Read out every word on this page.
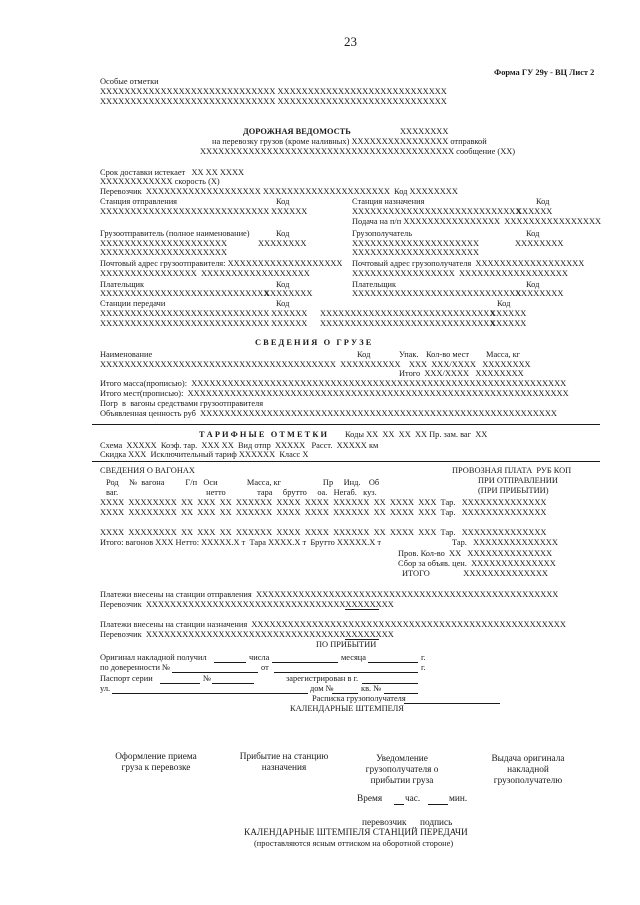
23
Форма ГУ 29у - ВЦ Лист 2
Особые отметки
XXXXXXXXXXXXXXXXXXXXXXXXXXXXX XXXXXXXXXXXXXXXXXXXXXXXXXXXX
XXXXXXXXXXXXXXXXXXXXXXXXXXXXX XXXXXXXXXXXXXXXXXXXXXXXXXXXX
ДОРОЖНАЯ ВЕДОМОСТЬ	XXXXXXXX
на перевозку грузов (кроме наливных) XXXXXXXXXXXXXXXX отправкой
XXXXXXXXXXXXXXXXXXXXXXXXXXXXXXXXXXXXXXXXXX сообщение (XX)
Срок доставки истекает   XX XX XXXX
XXXXXXXXXXXX скорость (X)
Перевозчик  XXXXXXXXXXXXXXXXXXX XXXXXXXXXXXXXXXXXXXXX  Код XXXXXXXX
Станция отправления	Код
XXXXXXXXXXXXXXXXXXXXXXXXXXXX XXXXXX
Станция назначения	Код
XXXXXXXXXXXXXXXXXXXXXXXXXXXX
XXXXXX
Подача на п/п XXXXXXXXXXXXXXXX  XXXXXXXXXXXXXXXX
Грузоотправитель (полное наименование)	Код
XXXXXXXXXXXXXXXXXXXXX	XXXXXXXX
XXXXXXXXXXXXXXXXXXXXX
Почтовый адрес грузоотправителя: XXXXXXXXXXXXXXXXXXX
XXXXXXXXXXXXXXXX  XXXXXXXXXXXXXXXXXX
Грузополучатель	Код
XXXXXXXXXXXXXXXXXXXXX	XXXXXXXX
XXXXXXXXXXXXXXXXXXXXX
Почтовый адрес грузополучателя  XXXXXXXXXXXXXXXXXX
XXXXXXXXXXXXXXXXX  XXXXXXXXXXXXXXXXXX
Плательщик	Код
XXXXXXXXXXXXXXXXXXXXXXXXXXXX
XXXXXXXX
Плательщик	Код
XXXXXXXXXXXXXXXXXXXXXXXXXXXX
XXXXXXXX
Станции передачи	Код	Код
XXXXXXXXXXXXXXXXXXXXXXXXXXXX XXXXXX XXXXXXXXXXXXXXXXXXXXXXXXXXXXX
XXXXXX
XXXXXXXXXXXXXXXXXXXXXXXXXXXX XXXXXX XXXXXXXXXXXXXXXXXXXXXXXXXXXXX
XXXXXX
С В Е Д Е Н И Я   О   Г Р У З Е
Наименование	Код	Упак. Кол-во мест Масса, кг
XXXXXXXXXXXXXXXXXXXXXXXXXXXXXXXXXXXXXXX  XXXXXXXXXX    XXX  XXX/XXXX   XXXXXXXX
Итого  XXX/XXXX   XXXXXXXX
Итого масса(прописью):  XXXXXXXXXXXXXXXXXXXXXXXXXXXXXXXXXXXXXXXXXXXXXXXXXXXXXXXXXXXXXX
Итого мест(прописью):  XXXXXXXXXXXXXXXXXXXXXXXXXXXXXXXXXXXXXXXXXXXXXXXXXXXXXXXXXXXXXXX
Погр  в  вагоны средствами грузоотправителя
Объявленная ценность руб  XXXXXXXXXXXXXXXXXXXXXXXXXXXXXXXXXXXXXXXXXXXXXXXXXXXXXXXXXXX
Т А Р И Ф Н Ы Е   О Т М Е Т К И Коды XX  XX  XX  XX Пр. зам. ваг  XX
Схема  XXXXX  Коэф. тар.  XXX XX  Вид отпр  XXXXX   Расст.  XXXXX км
Скидка XXX  Исключительный тариф XXXXXX  Класс X
СВЕДЕНИЯ О ВАГОНАХ	ПРОВОЗНАЯ ПЛАТА  РУБ КОП
ПРИ ОТПРАВЛЕНИИ
(ПРИ ПРИБЫТИИ)
Род     №  вагона          Г/п   Оси              Масса, кг                    Пр     Инд.    Об
ваг.                                          нетто               тара     брутто     оа.   Негаб.   куз.
XXXX  XXXXXXXX  XX  XXX  XX  XXXXXX  XXXX  XXXX  XXXXXX  XX  XXXX  XXX  Тар.   XXXXXXXXXXXXXX
XXXX  XXXXXXXX  XX  XXX  XX  XXXXXX  XXXX  XXXX  XXXXXX  XX  XXXX  XXX  Тар.   XXXXXXXXXXXXXX
XXXX  XXXXXXXX  XX  XXX  XX  XXXXXX  XXXX  XXXX  XXXXXX  XX  XXXX  XXX  Тар.   XXXXXXXXXXXXXX
Итого: вагонов XXX Нетто: XXXXX.X т  Тара XXXX.X т  Брутто XXXXX.X т	Тар.   XXXXXXXXXXXXXX
Пров. Кол-во  XX   XXXXXXXXXXXXXX
Сбор за объяв. цен.  XXXXXXXXXXXXXX
ИТОГО                XXXXXXXXXXXXXX
Платежи внесены на станции отправления  XXXXXXXXXXXXXXXXXXXXXXXXXXXXXXXXXXXXXXXXXXXXXXXXXX
Перевозчик  XXXXXXXXXXXXXXXXXXXXXXXXXXXXXXXXXXXXXXXXX
Платежи внесены на станции назначения  XXXXXXXXXXXXXXXXXXXXXXXXXXXXXXXXXXXXXXXXXXXXXXXXXXXX
Перевозчик  XXXXXXXXXXXXXXXXXXXXXXXXXXXXXXXXXXXXXXXXX
ПО ПРИБЫТИИ
Оригинал накладной получил	числа	месяца	г.
по доверенности №	от	г.
Паспорт серии	№	зарегистрирован в г.
ул.	дом №	кв. №
Расписка грузополучателя
КАЛЕНДАРНЫЕ ШТЕМПЕЛЯ
Оформление приема
груза к перевозке
Прибытие на станцию
назначения
Уведомление
грузополучателя о
прибытии груза
Выдача оригинала
накладной
грузополучателю
Время час.	мин.
перевозчик подпись
КАЛЕНДАРНЫЕ ШТЕМПЕЛЯ СТАНЦИЙ ПЕРЕДАЧИ
(проставляются ясным оттиском на оборотной стороне)
